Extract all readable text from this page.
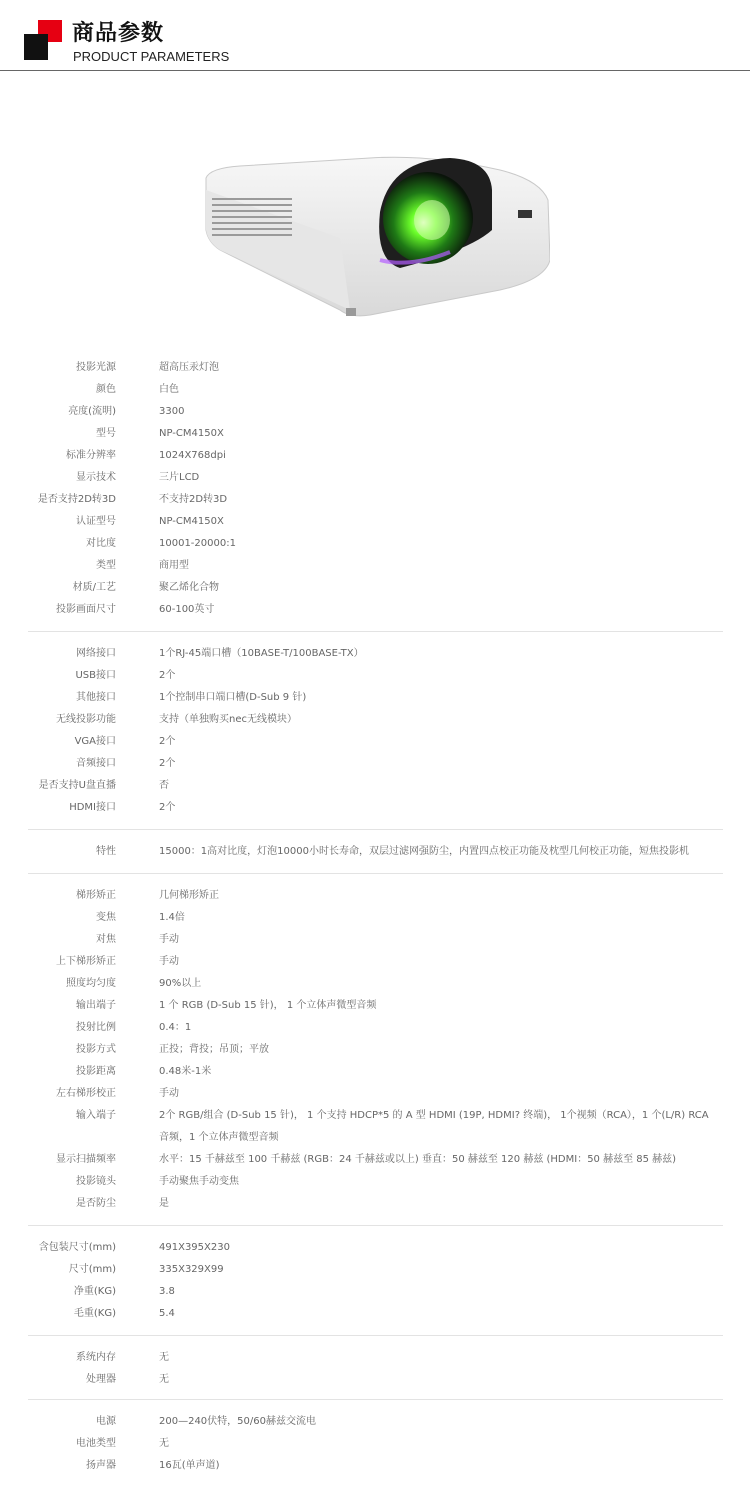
商品参数
PRODUCT PARAMETERS
投影光源	超高压汞灯泡
颜色	白色
亮度(流明)	3300
型号	NP-CM4150X
标准分辨率	1024X768dpi
显示技术	三片LCD
是否支持2D转3D	不支持2D转3D
认证型号	NP-CM4150X
对比度	10001-20000:1
类型	商用型
材质/工艺	聚乙烯化合物
投影画面尺寸	60-100英寸
网络接口	1个RJ-45端口槽（10BASE-T/100BASE-TX）
USB接口	2个
其他接口	1个控制串口端口槽(D-Sub 9 针)
无线投影功能	支持（单独购买nec无线模块）
VGA接口	2个
音频接口	2个
是否支持U盘直播	否
HDMI接口	2个
特性	15000：1高对比度，灯泡10000小时长寿命，双层过滤网强防尘，内置四点校正功能及枕型几何校正功能，短焦投影机
梯形矫正	几何梯形矫正
变焦	1.4倍
对焦	手动
上下梯形矫正	手动
照度均匀度	90%以上
输出端子	1 个 RGB (D-Sub 15 针)， 1 个立体声微型音频
投射比例	0.4：1
投影方式	正投；背投；吊顶；平放
投影距离	0.48米-1米
左右梯形校正	手动
输入端子	2个 RGB/组合 (D-Sub 15 针)， 1 个支持 HDCP*5 的 A 型 HDMI (19P, HDMI? 终端)， 1个视频（RCA），1 个(L/R) RCA 音频，1 个立体声微型音频
显示扫描频率	水平：15 千赫兹至 100 千赫兹 (RGB：24 千赫兹或以上) 垂直：50 赫兹至 120 赫兹 (HDMI：50 赫兹至 85 赫兹)
投影镜头	手动聚焦手动变焦
是否防尘	是
含包装尺寸(mm)	491X395X230
尺寸(mm)	335X329X99
净重(KG)	3.8
毛重(KG)	5.4
系统内存	无
处理器	无
电源	200—240伏特，50/60赫兹交流电
电池类型	无
扬声器	16瓦(单声道)
